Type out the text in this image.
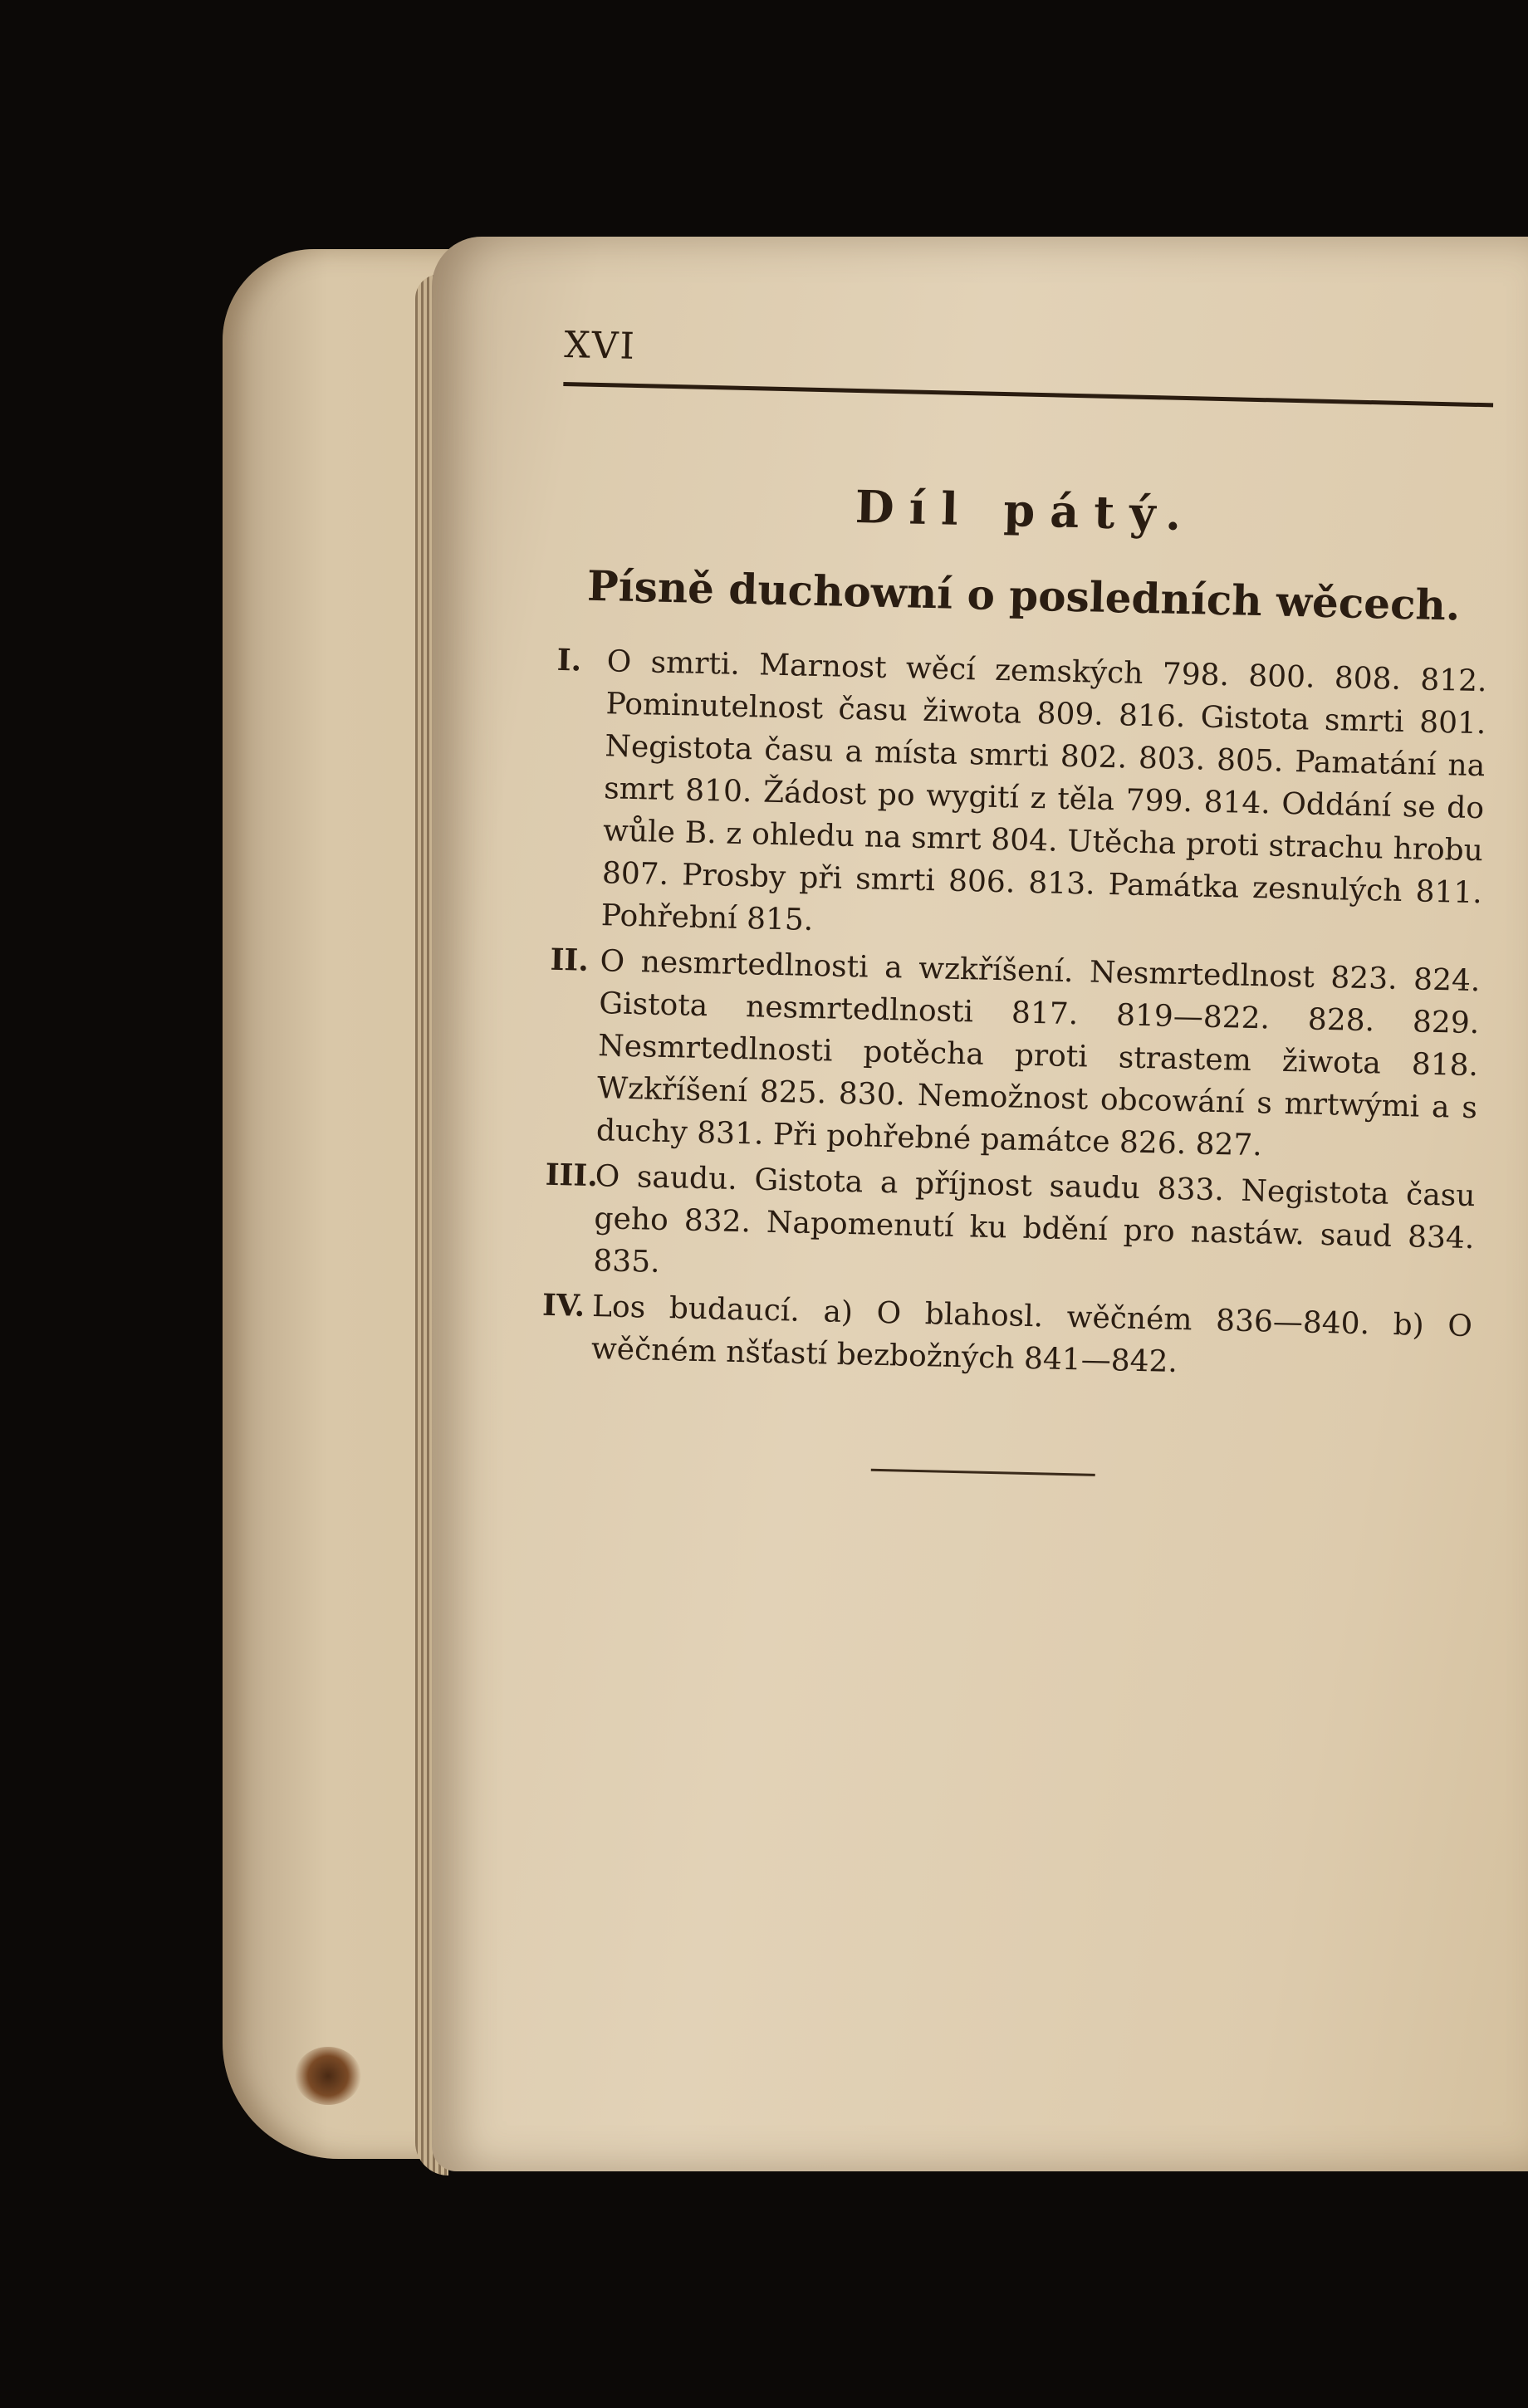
XVI
Díl pátý.
Písně duchowní o posledních wěcech.
I. O smrti. Marnost wěcí zemských 798. 800. 808. 812. Pominutelnost času žiwota 809. 816. Gistota smrti 801. Negistota času a místa smrti 802. 803. 805. Pamatání na smrt 810. Žádost po wygití z těla 799. 814. Oddání se do wůle B. z ohledu na smrt 804. Utěcha proti strachu hrobu 807. Prosby při smrti 806. 813. Památka zesnulých 811. Pohřební 815.
II. O nesmrtedlnosti a wzkříšení. Nesmrtedlnost 823. 824. Gistota nesmrtedlnosti 817. 819—822. 828. 829. Nesmrtedlnosti potěcha proti strastem žiwota 818. Wzkříšení 825. 830. Nemožnost obcowání s mrtwými a s duchy 831. Při pohřebné památce 826. 827.
III.
O saudu. Gistota a příjnost saudu 833. Negistota času geho 832. Napomenutí ku bdění pro nastáw. saud 834. 835.
IV. Los budaucí. a) O blahosl. wěčném 836—840. b) O wěčném nšťastí bezbožných 841—842.
